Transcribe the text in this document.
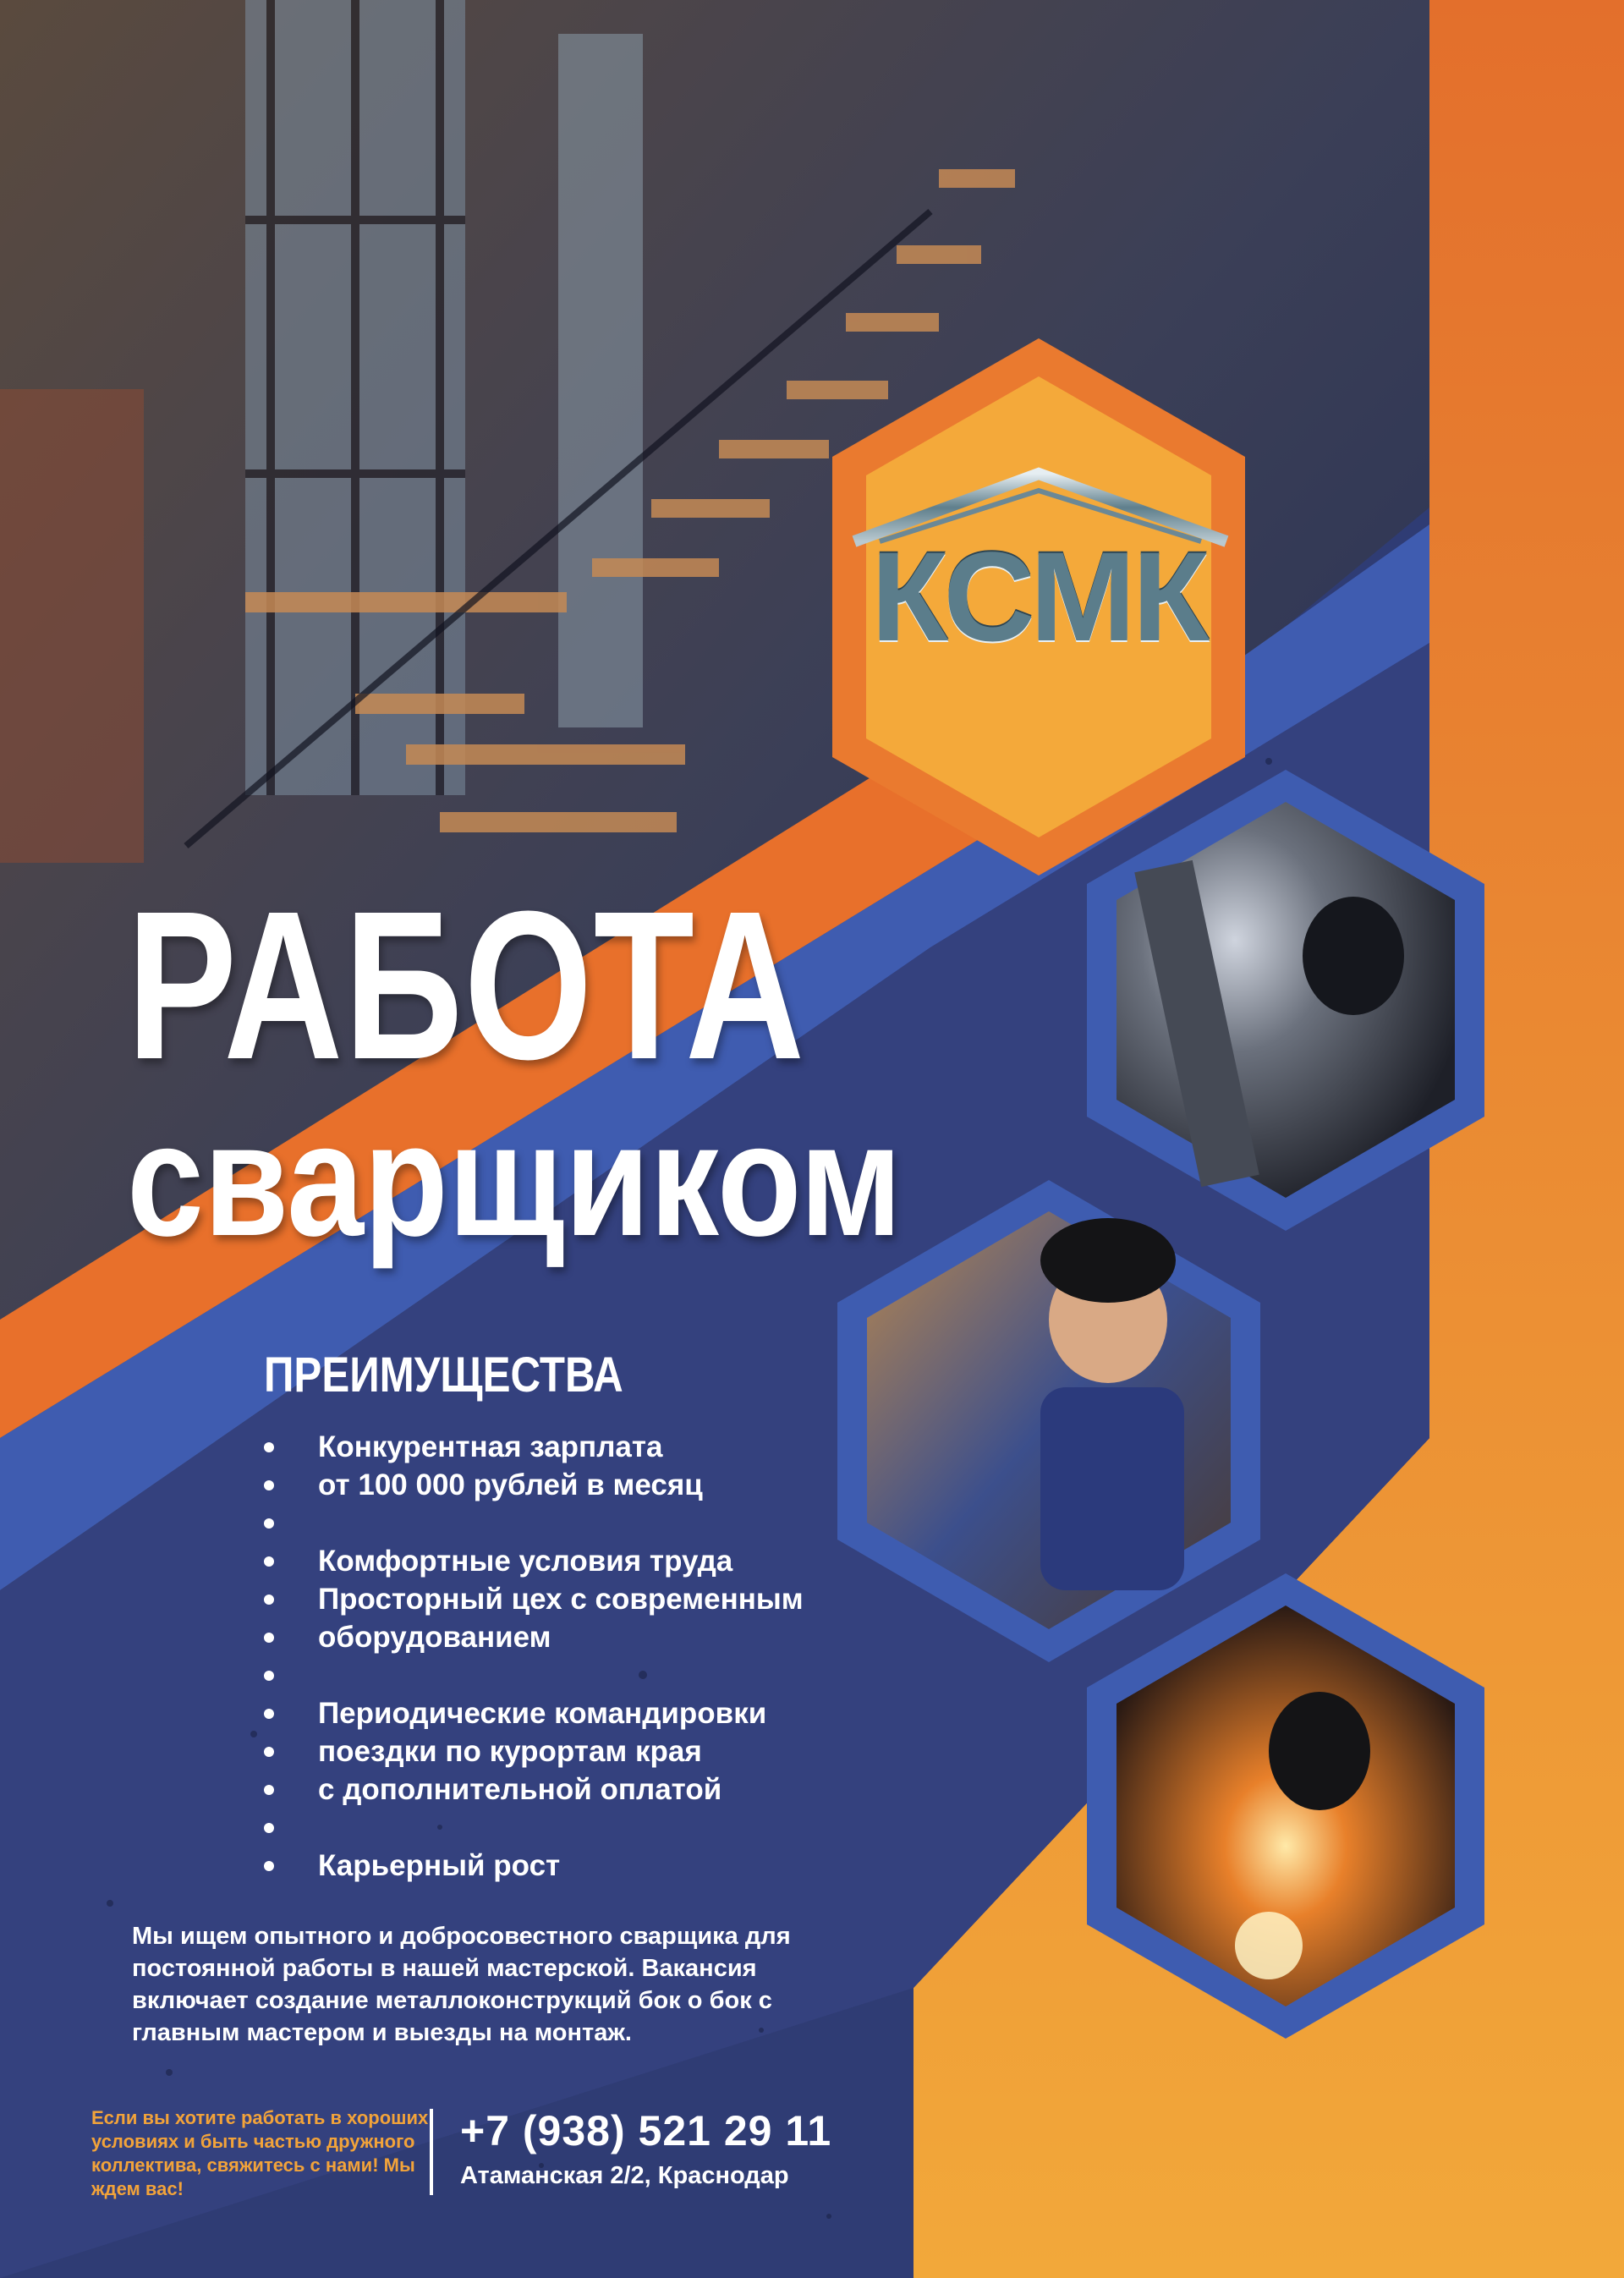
КСМК
РАБОТА
сварщиком
ПРЕИМУЩЕСТВА
Конкурентная зарплата
от 100 000 рублей в месяц
Комфортные условия труда
Просторный цех с современным
оборудованием
Периодические командировки
поездки по курортам края
с дополнительной оплатой
Карьерный рост
Мы ищем опытного и добросовестного сварщика для постоянной работы в нашей мастерской. Вакансия включает создание металлоконструкций бок о бок с главным мастером и выезды на монтаж.
Если вы хотите работать в хороших условиях и быть частью дружного коллектива, свяжитесь с нами! Мы ждем вас!
+7 (938) 521 29 11
Атаманская 2/2, Краснодар
